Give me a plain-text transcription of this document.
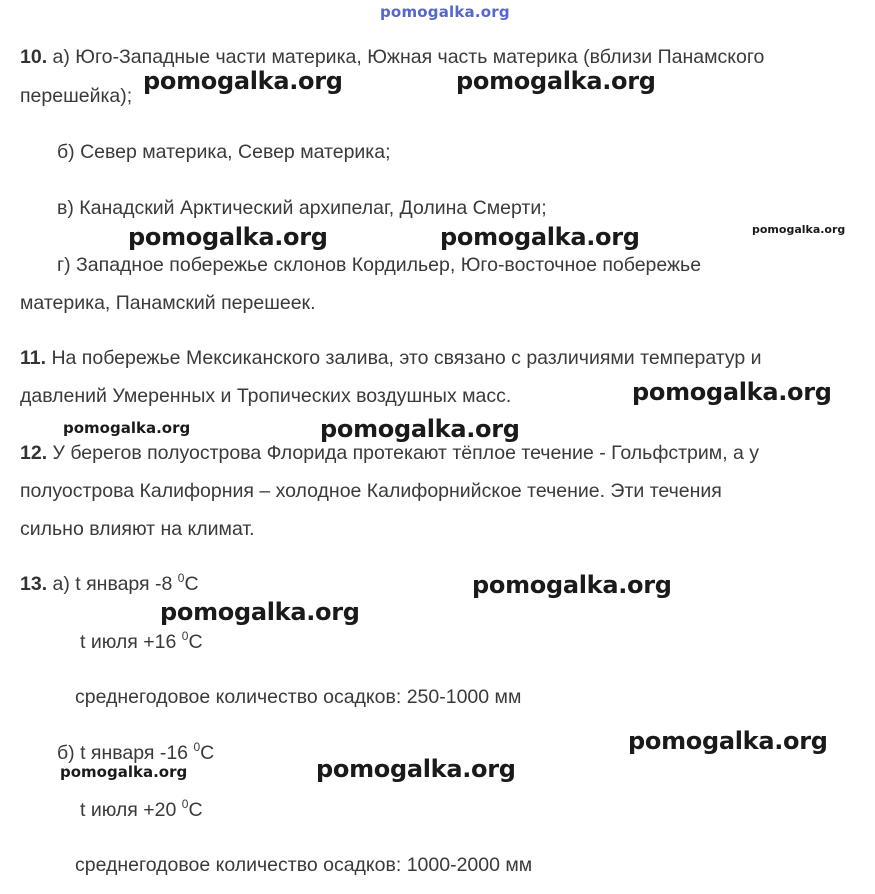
pomogalka.org
10. а) Юго-Западные части материка, Южная часть материка (вблизи Панамского
перешейка);
б) Север материка, Север материка;
в) Канадский Арктический архипелаг, Долина Смерти;
г) Западное побережье склонов Кордильер, Юго-восточное побережье
материка, Панамский перешеек.
11. На побережье Мексиканского залива, это связано с различиями температур и
давлений Умеренных и Тропических воздушных масс.
12. У берегов полуострова Флорида протекают тёплое течение - Гольфстрим, а у
полуострова Калифорния – холодное Калифорнийское течение. Эти течения
сильно влияют на климат.
13. а) t января -8 $^0$C
t июля +16 $^0$C
среднегодовое количество осадков: 250-1000 мм
б) t января -16 $^0$C
t июля +20 $^0$C
среднегодовое количество осадков: 1000-2000 мм
pomogalka.org	pomogalka.org
pomogalka.org	pomogalka.org	pomogalka.org
pomogalka.org
pomogalka.org	pomogalka.org
pomogalka.org
pomogalka.org
pomogalka.org
pomogalka.org	pomogalka.org
